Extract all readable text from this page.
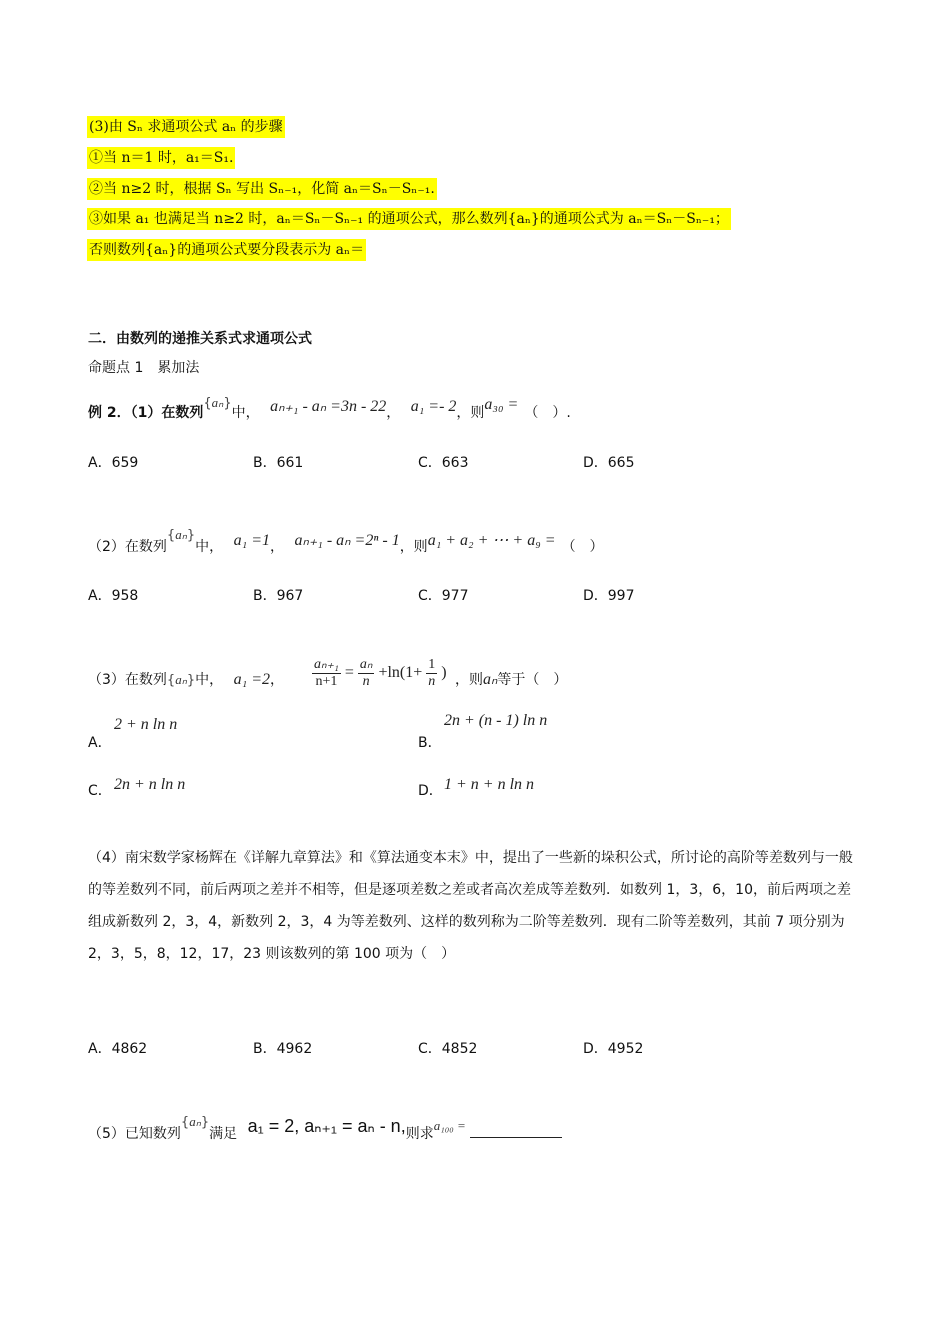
(3)由 Sₙ 求通项公式 aₙ 的步骤
①当 n＝1 时，a₁＝S₁.
②当 n≥2 时，根据 Sₙ 写出 Sₙ₋₁，化简 aₙ＝Sₙ－Sₙ₋₁.
③如果 a₁ 也满足当 n≥2 时，aₙ＝Sₙ－Sₙ₋₁ 的通项公式，那么数列{aₙ}的通项公式为 aₙ＝Sₙ－Sₙ₋₁；
否则数列{aₙ}的通项公式要分段表示为 aₙ＝
二．由数列的递推关系式求通项公式
命题点 1　累加法
例 2．（1）在数列{aₙ}中， aₙ₊₁ - aₙ =3n - 22， a₁ =- 2，则a₃₀ = （　）.
A．659	B．661	C．663	D．665
（2）在数列{aₙ}中， a₁ =1， aₙ₊₁ - aₙ =2ⁿ - 1，则a₁ + a₂ + ⋯ + a₉ = （　）
A．958	B．967	C．977	D．997
（3）在数列{aₙ}中， a₁ =2， $\frac{\text{aₙ₊₁}}{n+1} = \frac{\text{aₙ}}{n} +\ln(1+ \frac{1}{n}$ ) ，则aₙ等于（　）
A．
2 + n ln n
B．
2n + (n - 1) ln n
C． 2n + n ln n	D． 1 + n + n ln n
（4）南宋数学家杨辉在《详解九章算法》和《算法通变本末》中，提出了一些新的垛积公式，所讨论的高阶等差数列与一般的等差数列不同，前后两项之差并不相等，但是逐项差数之差或者高次差成等差数列．如数列 1，3，6，10，前后两项之差组成新数列 2，3，4，新数列 2，3，4 为等差数列、这样的数列称为二阶等差数列．现有二阶等差数列，其前 7 项分别为 2，3，5，8，12，17，23 则该数列的第 100 项为（　）
A．4862	B．4962	C．4852	D．4952
（5）已知数列{aₙ}满足 a₁ = 2, aₙ₊₁ = aₙ - n,则求a₁₀₀ =
